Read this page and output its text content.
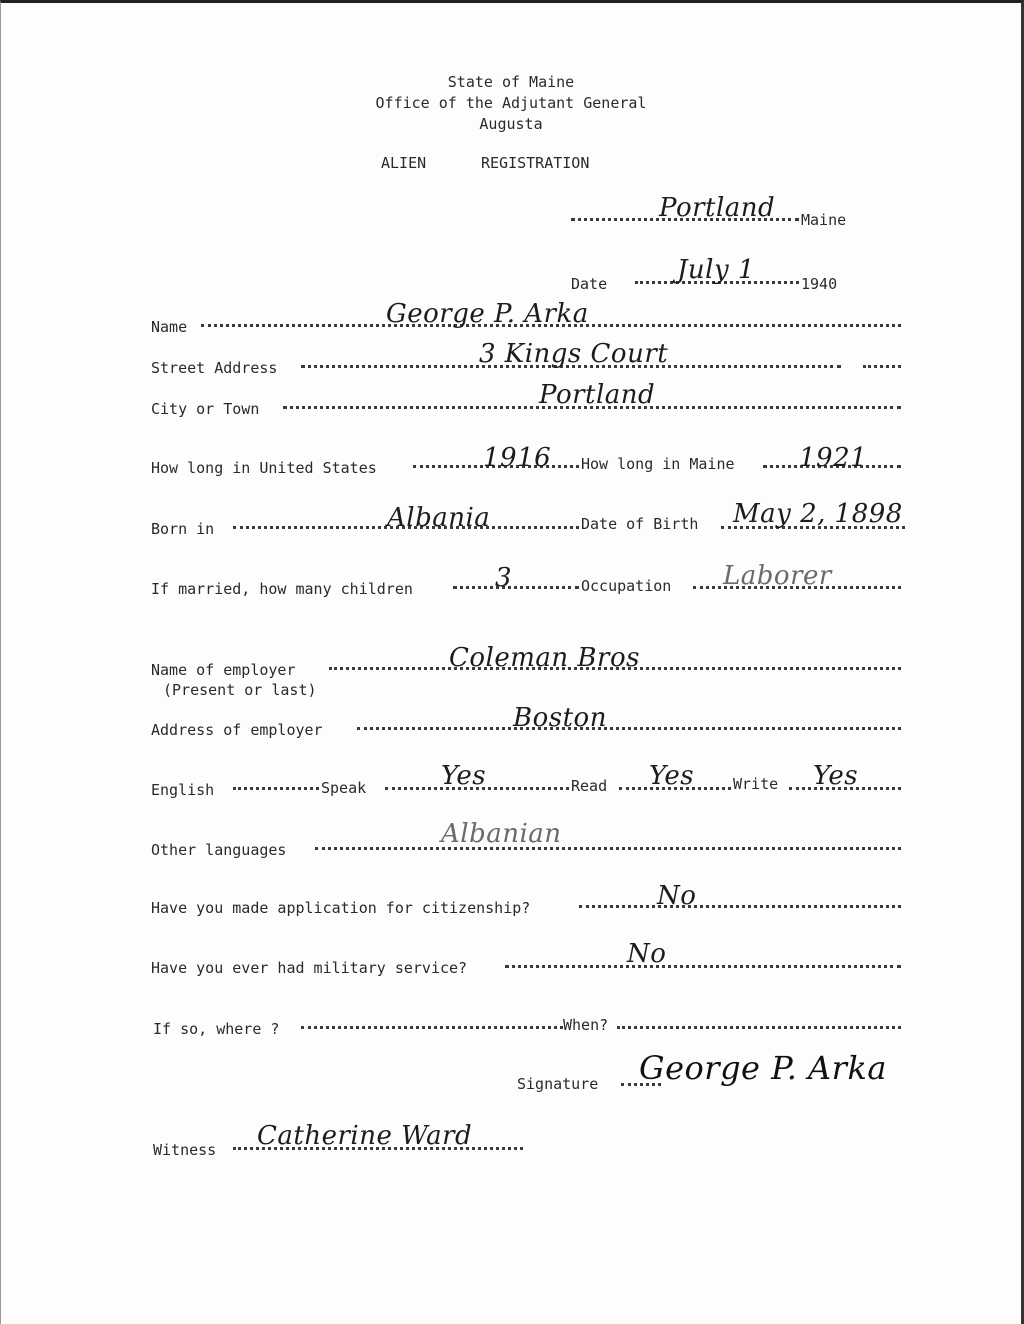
State of Maine
Office of the Adjutant General
Augusta
ALIEN	REGISTRATION
Portland Maine
Date	July 1	1940
Name	George P. Arka
Street Address	3 Kings Court
City or Town	Portland
How long in United States	1916 How long in Maine 1921
Born in	Albania	Date of Birth May 2, 1898
If married, how many children	3	Occupation Laborer
Name of employer
(Present or last)
Coleman Bros
Address of employer	Boston
English	Speak	Yes	Read Yes	Write Yes
Other languages
Albanian
Have you made application for citizenship?	No
Have you ever had military service?	No
If so, where ?	When?
Signature George P. Arka
Witness Catherine Ward
